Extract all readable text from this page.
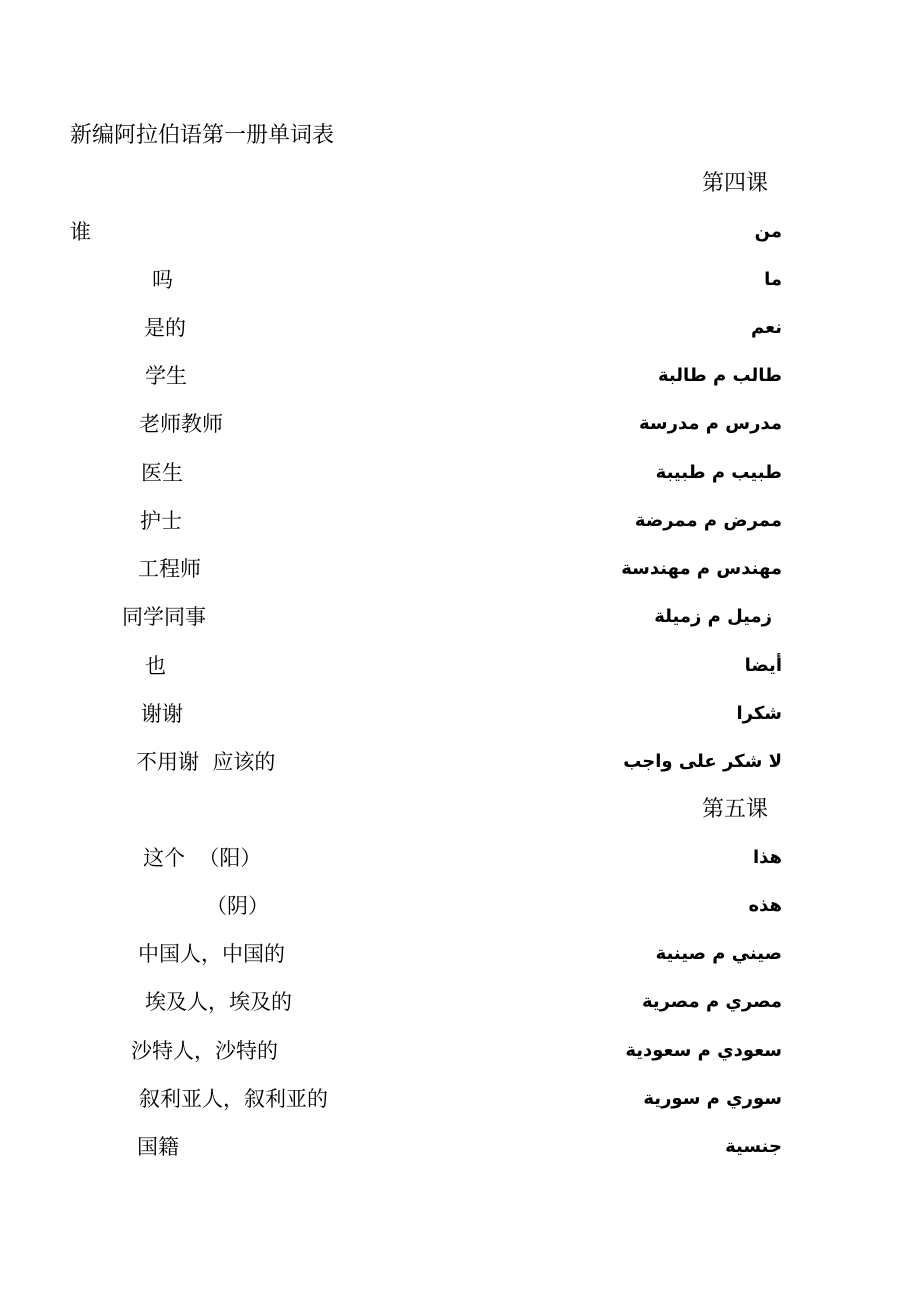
新编阿拉伯语第一册单词表
第四课
من
谁
ما
吗
نعم
是的
طالب م طالبة
学生
مدرس م مدرسة
老师教师
طبيب م طبيبة
医生
ممرض م ممرضة
护士
مهندس م مهندسة
工程师
زميل م زميلة
同学同事
أيضا
也
شكرا
谢谢
لا شكر على واجب
不用谢  应该的
第五课
هذا
这个  （阳）
هذه
（阴）
صيني م صينية
中国人，中国的
مصري م مصرية
埃及人，埃及的
سعودي م سعودية
沙特人，沙特的
سوري م سورية
叙利亚人，叙利亚的
جنسية
国籍
